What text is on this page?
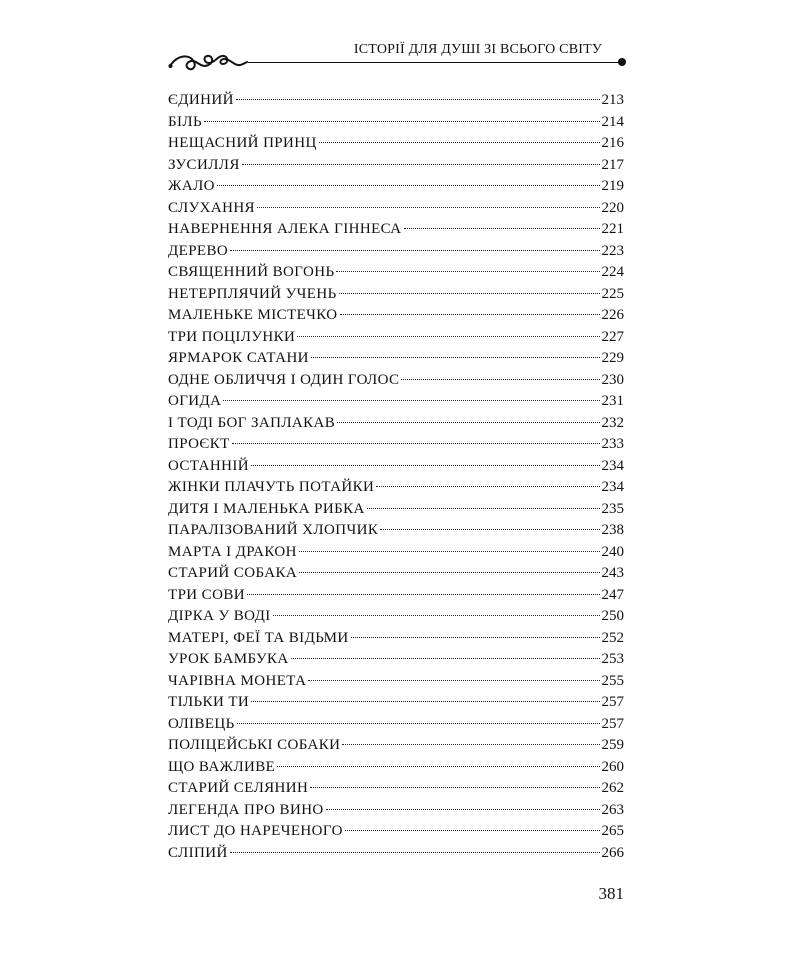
ІСТОРІЇ ДЛЯ ДУШІ ЗІ ВСЬОГО СВІТУ
ЄДИНИЙ	213
БІЛЬ	214
НЕЩАСНИЙ ПРИНЦ	216
ЗУСИЛЛЯ	217
ЖАЛО	219
СЛУХАННЯ	220
НАВЕРНЕННЯ АЛЕКА ГІННЕСА	221
ДЕРЕВО	223
СВЯЩЕННИЙ ВОГОНЬ	224
НЕТЕРПЛЯЧИЙ УЧЕНЬ	225
МАЛЕНЬКЕ МІСТЕЧКО	226
ТРИ ПОЦІЛУНКИ	227
ЯРМАРОК САТАНИ	229
ОДНЕ ОБЛИЧЧЯ І ОДИН ГОЛОС	230
ОГИДА	231
І ТОДІ БОГ ЗАПЛАКАВ	232
ПРОЄКТ	233
ОСТАННІЙ	234
ЖІНКИ ПЛАЧУТЬ ПОТАЙКИ	234
ДИТЯ І МАЛЕНЬКА РИБКА	235
ПАРАЛІЗОВАНИЙ ХЛОПЧИК	238
МАРТА І ДРАКОН	240
СТАРИЙ СОБАКА	243
ТРИ СОВИ	247
ДІРКА У ВОДІ	250
МАТЕРІ, ФЕЇ ТА ВІДЬМИ	252
УРОК БАМБУКА	253
ЧАРІВНА МОНЕТА	255
ТІЛЬКИ ТИ	257
ОЛІВЕЦЬ	257
ПОЛІЦЕЙСЬКІ СОБАКИ	259
ЩО ВАЖЛИВЕ	260
СТАРИЙ СЕЛЯНИН	262
ЛЕГЕНДА ПРО ВИНО	263
ЛИСТ ДО НАРЕЧЕНОГО	265
СЛІПИЙ	266
381
